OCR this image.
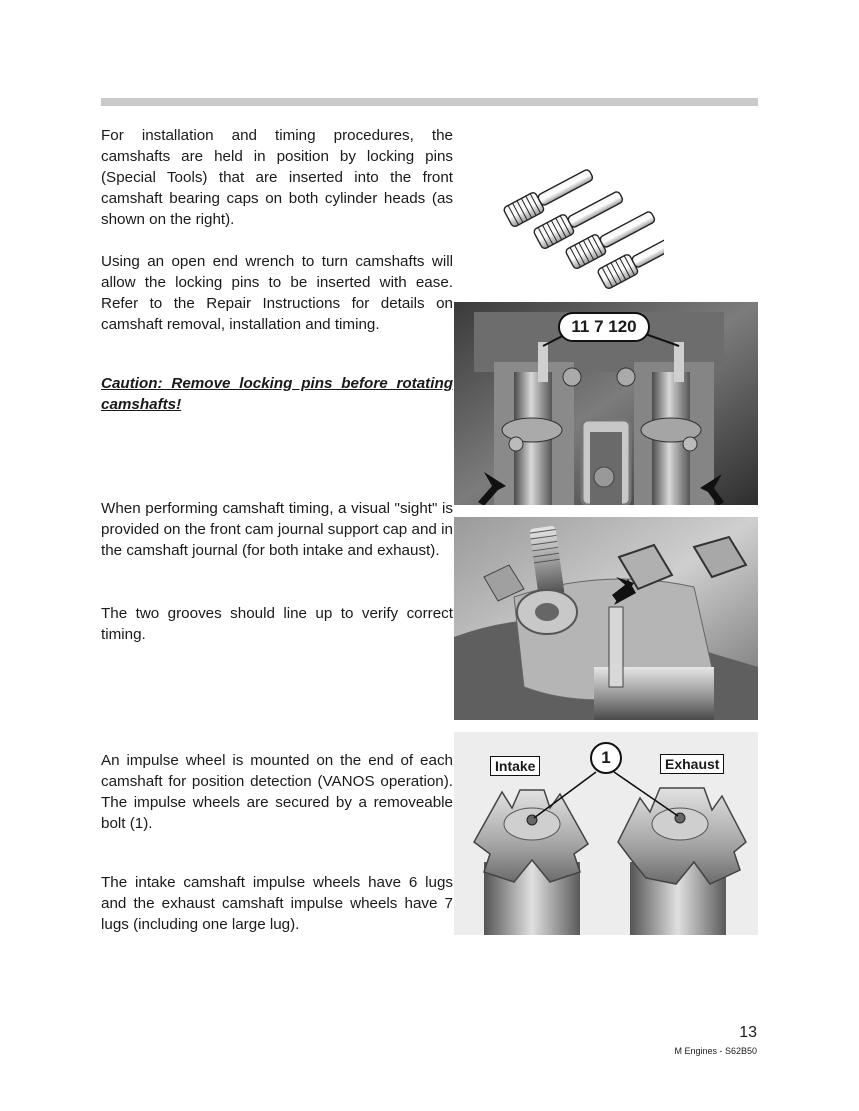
For installation and timing procedures, the camshafts are held in position by locking pins (Special Tools) that are inserted into the front camshaft bearing caps on both cylinder heads (as shown on the right).

Using an open end wrench to turn camshafts will allow the locking pins to be inserted with ease. Refer to the Repair Instructions for details on camshaft removal, installation and timing.

Caution: Remove locking pins before rotating camshafts!

When performing camshaft timing, a visual "sight" is provided on the front cam journal support cap and in the camshaft journal (for both intake and exhaust).

The two grooves should line up to verify correct timing.

An impulse wheel is mounted on the end of each camshaft for position detection (VANOS operation). The impulse wheels are secured by a removeable bolt (1).

The intake camshaft impulse wheels have 6 lugs and the exhaust camshaft impulse wheels have 7 lugs (including one large lug).

11 7 120
Intake	Exhaust
1
13
M Engines - S62B50
